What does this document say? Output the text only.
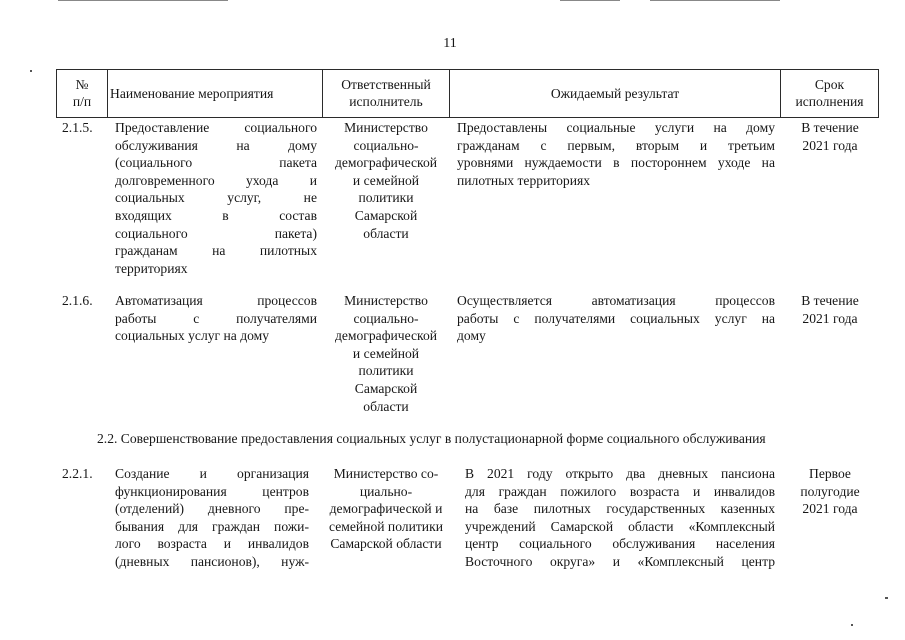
11
№
п/п
Наименование мероприятия
Ответственный
исполнитель
Ожидаемый результат
Срок
исполнения
2.1.5. Предоставление социального
обслуживания на дому
(социального пакета
долговременного ухода и
социальных услуг, не
входящих в состав
социального пакета)
гражданам на пилотных
территориях
Министерство
социально-
демографической
и семейной
политики
Самарской
области
Предоставлены социальные услуги на дому
гражданам с первым, вторым и третьим
уровнями нуждаемости в постороннем уходе на
пилотных территориях
В течение
2021 года
2.1.6. Автоматизация процессов
работы с получателями
социальных услуг на дому
Министерство
социально-
демографической
и семейной
политики
Самарской
области
Осуществляется автоматизация процессов
работы с получателями социальных услуг на
дому
В течение
2021 года
2.2. Совершенствование предоставления социальных услуг в полустационарной форме социального обслуживания
2.2.1. Создание и организация
функционирования центров
(отделений) дневного пре-
бывания для граждан пожи-
лого возраста и инвалидов
(дневных пансионов), нуж-
Министерство со-
циально-
демографической и
семейной политики
Самарской области
В 2021 году открыто два дневных пансиона
для граждан пожилого возраста и инвалидов
на базе пилотных государственных казенных
учреждений Самарской области «Комплексный
центр социального обслуживания населения
Восточного округа» и «Комплексный центр
Первое
полугодие
2021 года
